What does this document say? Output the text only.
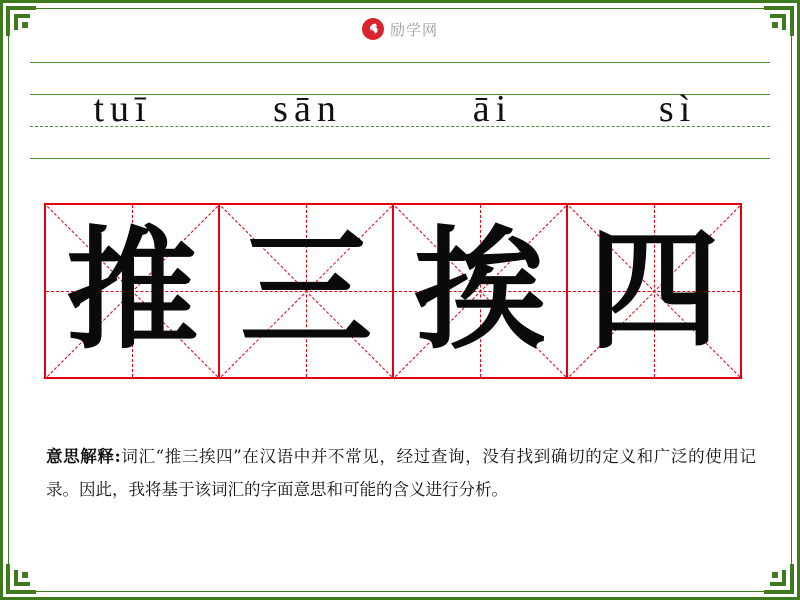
励学网
tuī	sān	āi	sì
推 三 挨 四
意思解释:词汇“推三挨四”在汉语中并不常见，经过查询，没有找到确切的定义和广泛的使用记录。因此，我将基于该词汇的字面意思和可能的含义进行分析。
